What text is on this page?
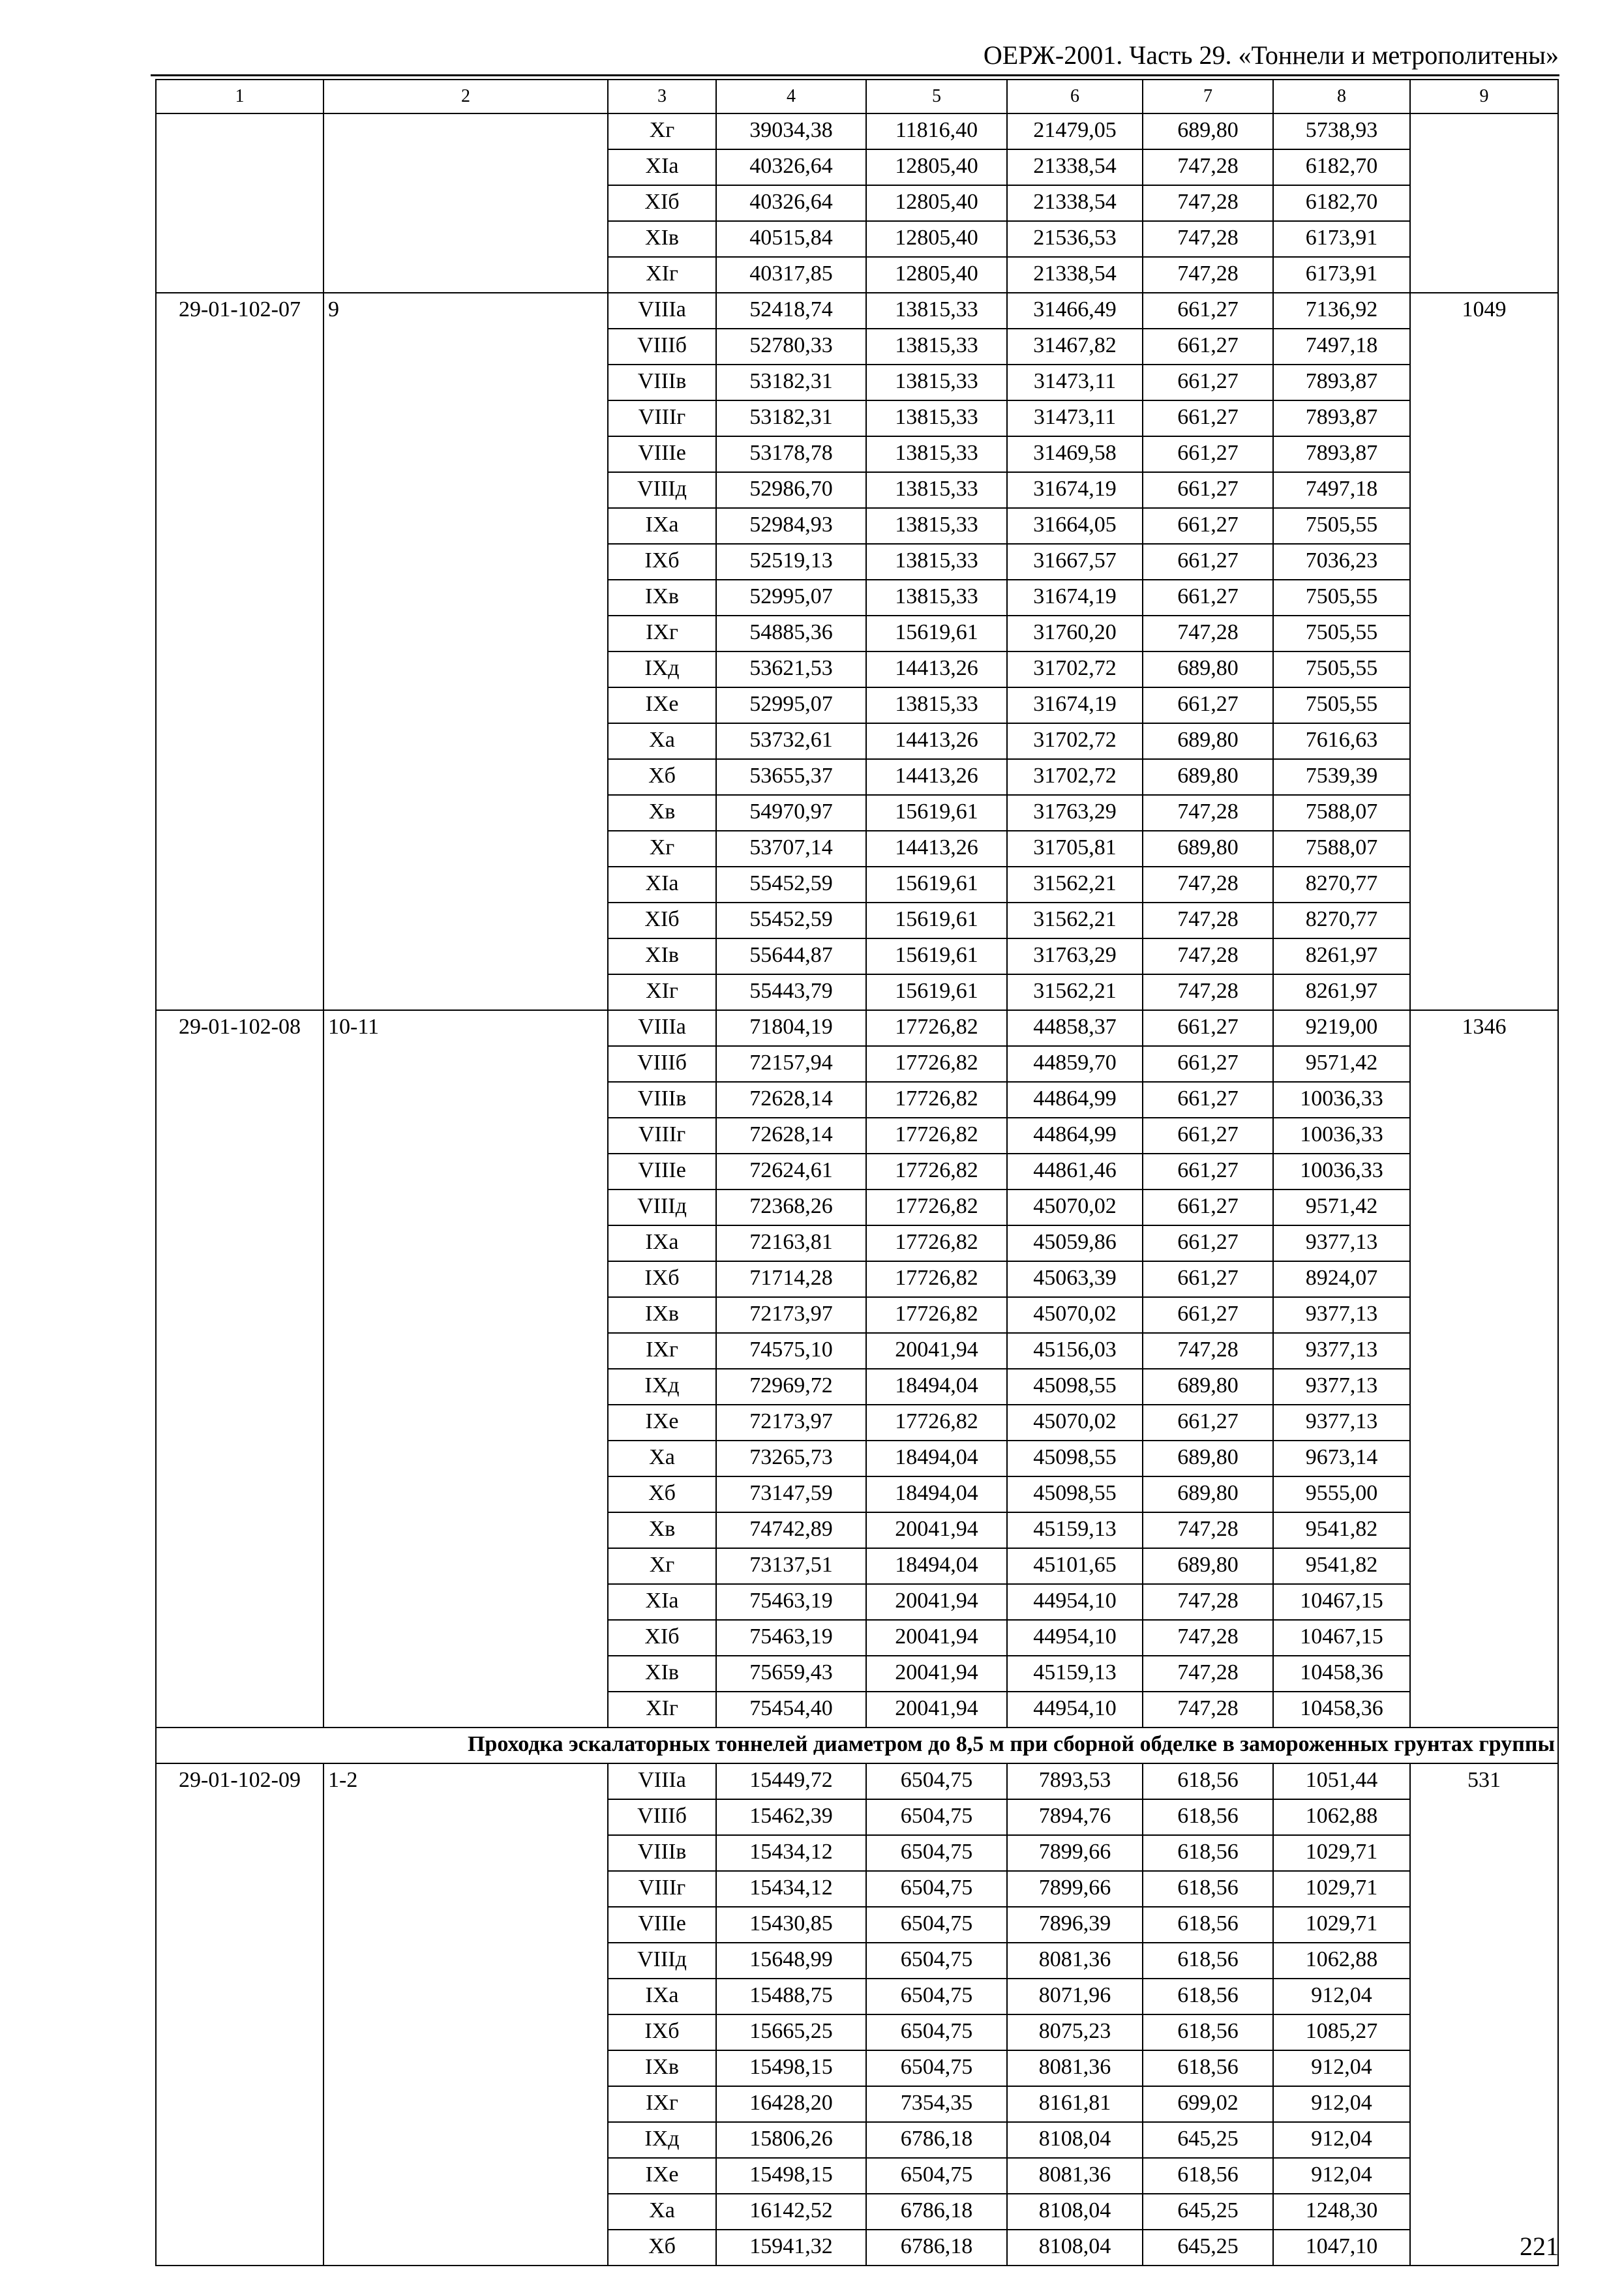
ОЕРЖ-2001. Часть 29. «Тоннели и метрополитены»
1	2	3	4	5	6	7	8	9
		Xг	39034,38	11816,40	21479,05	689,80	5738,93	
		XIа	40326,64	12805,40	21338,54	747,28	6182,70	
		XIб	40326,64	12805,40	21338,54	747,28	6182,70	
		XIв	40515,84	12805,40	21536,53	747,28	6173,91	
		XIг	40317,85	12805,40	21338,54	747,28	6173,91	
29-01-102-07	9	VIIIа	52418,74	13815,33	31466,49	661,27	7136,92	1049
		VIIIб	52780,33	13815,33	31467,82	661,27	7497,18	
		VIIIв	53182,31	13815,33	31473,11	661,27	7893,87	
		VIIIг	53182,31	13815,33	31473,11	661,27	7893,87	
		VIIIе	53178,78	13815,33	31469,58	661,27	7893,87	
		VIIIд	52986,70	13815,33	31674,19	661,27	7497,18	
		IXа	52984,93	13815,33	31664,05	661,27	7505,55	
		IXб	52519,13	13815,33	31667,57	661,27	7036,23	
		IXв	52995,07	13815,33	31674,19	661,27	7505,55	
		IXг	54885,36	15619,61	31760,20	747,28	7505,55	
		IXд	53621,53	14413,26	31702,72	689,80	7505,55	
		IXе	52995,07	13815,33	31674,19	661,27	7505,55	
		Xа	53732,61	14413,26	31702,72	689,80	7616,63	
		Xб	53655,37	14413,26	31702,72	689,80	7539,39	
		Xв	54970,97	15619,61	31763,29	747,28	7588,07	
		Xг	53707,14	14413,26	31705,81	689,80	7588,07	
		XIа	55452,59	15619,61	31562,21	747,28	8270,77	
		XIб	55452,59	15619,61	31562,21	747,28	8270,77	
		XIв	55644,87	15619,61	31763,29	747,28	8261,97	
		XIг	55443,79	15619,61	31562,21	747,28	8261,97	
29-01-102-08	10-11	VIIIа	71804,19	17726,82	44858,37	661,27	9219,00	1346
		VIIIб	72157,94	17726,82	44859,70	661,27	9571,42	
		VIIIв	72628,14	17726,82	44864,99	661,27	10036,33	
		VIIIг	72628,14	17726,82	44864,99	661,27	10036,33	
		VIIIе	72624,61	17726,82	44861,46	661,27	10036,33	
		VIIIд	72368,26	17726,82	45070,02	661,27	9571,42	
		IXа	72163,81	17726,82	45059,86	661,27	9377,13	
		IXб	71714,28	17726,82	45063,39	661,27	8924,07	
		IXв	72173,97	17726,82	45070,02	661,27	9377,13	
		IXг	74575,10	20041,94	45156,03	747,28	9377,13	
		IXд	72969,72	18494,04	45098,55	689,80	9377,13	
		IXе	72173,97	17726,82	45070,02	661,27	9377,13	
		Xа	73265,73	18494,04	45098,55	689,80	9673,14	
		Xб	73147,59	18494,04	45098,55	689,80	9555,00	
		Xв	74742,89	20041,94	45159,13	747,28	9541,82	
		Xг	73137,51	18494,04	45101,65	689,80	9541,82	
		XIа	75463,19	20041,94	44954,10	747,28	10467,15	
		XIб	75463,19	20041,94	44954,10	747,28	10467,15	
		XIв	75659,43	20041,94	45159,13	747,28	10458,36	
		XIг	75454,40	20041,94	44954,10	747,28	10458,36	
Проходка эскалаторных тоннелей диаметром до 8,5 м при сборной обделке в замороженных грунтах группы								
29-01-102-09	1-2	VIIIа	15449,72	6504,75	7893,53	618,56	1051,44	531
		VIIIб	15462,39	6504,75	7894,76	618,56	1062,88	
		VIIIв	15434,12	6504,75	7899,66	618,56	1029,71	
		VIIIг	15434,12	6504,75	7899,66	618,56	1029,71	
		VIIIе	15430,85	6504,75	7896,39	618,56	1029,71	
		VIIIд	15648,99	6504,75	8081,36	618,56	1062,88	
		IXа	15488,75	6504,75	8071,96	618,56	912,04	
		IXб	15665,25	6504,75	8075,23	618,56	1085,27	
		IXв	15498,15	6504,75	8081,36	618,56	912,04	
		IXг	16428,20	7354,35	8161,81	699,02	912,04	
		IXд	15806,26	6786,18	8108,04	645,25	912,04	
		IXе	15498,15	6504,75	8081,36	618,56	912,04	
		Xа	16142,52	6786,18	8108,04	645,25	1248,30	
		Xб	15941,32	6786,18	8108,04	645,25	1047,10		221
